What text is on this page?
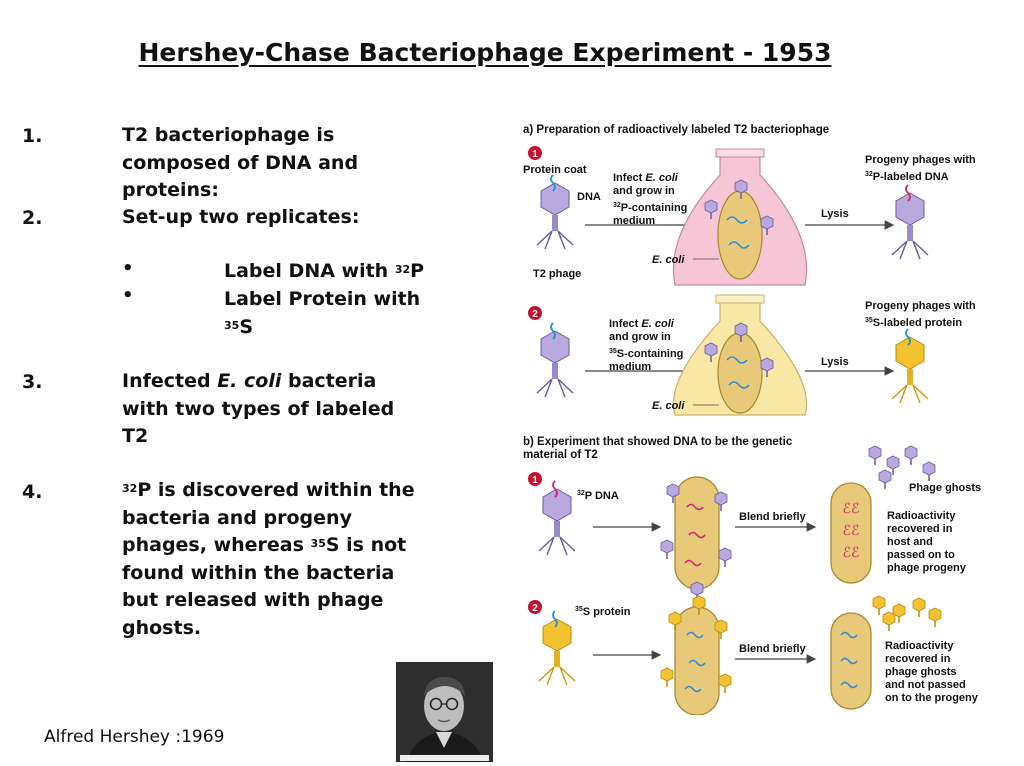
Hershey-Chase Bacteriophage Experiment - 1953
1.	T2 bacteriophage is
composed of DNA and
proteins:
2.	Set-up two replicates:
•	Label DNA with $^{32}$P
•	Label Protein with
$^{35}$S
3.	Infected E. coli bacteria
with two types of labeled
T2
4.	$^{32}$P is discovered within the
bacteria and progeny
phages, whereas $^{35}$S is not
found within the bacteria
but released with phage
ghosts.
Alfred Hershey :1969
a) Preparation of radioactively labeled T2 bacteriophage
1
Protein coat
DNA
T2 phage
Infect E. coli and grow in 32P-containing medium
E. coli
Lysis
Progeny phages with 32P-labeled DNA
2
Infect E. coli and grow in 35S-containing medium
E. coli
Lysis
Progeny phages with 35S-labeled protein
b) Experiment that showed DNA to be the genetic material of T2
1
$^{32}$P DNA
Blend briefly
ℰℰ
ℰℰ
ℰℰ
Phage ghosts
Radioactivity recovered in host and passed on to phage progeny
2	$^{35}$S protein
Blend briefly	Radioactivity recovered in phage ghosts and not passed on to the progeny
